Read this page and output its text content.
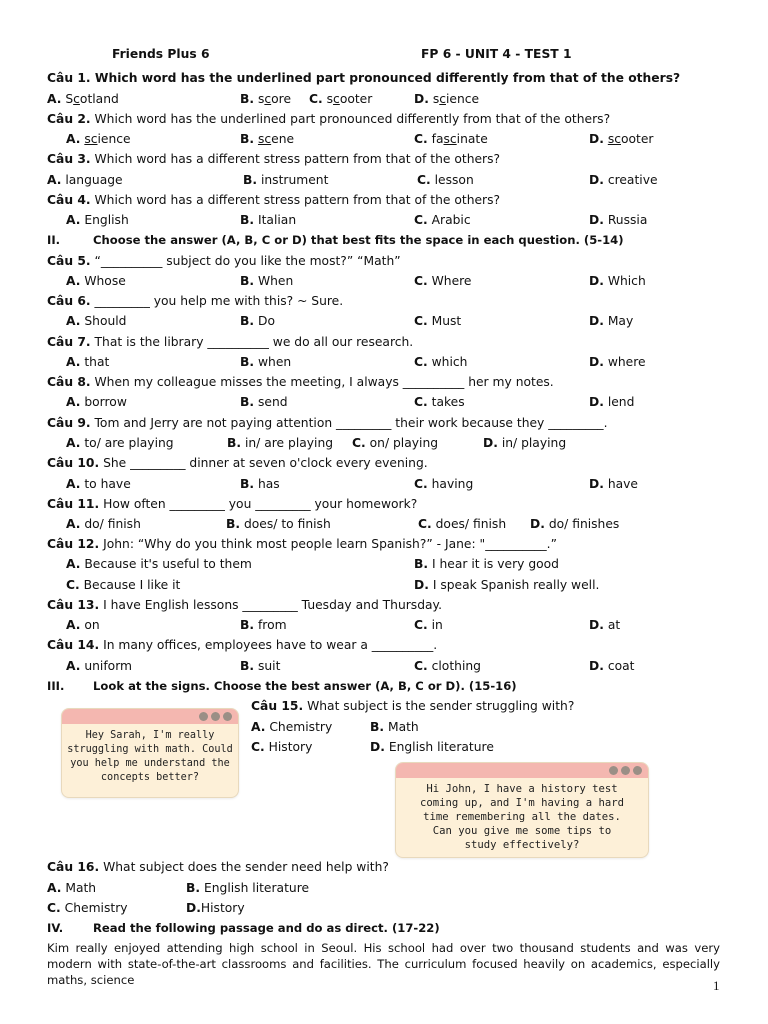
Friends Plus 6	FP 6 - UNIT 4 - TEST 1
Câu 1. Which word has the underlined part pronounced differently from that of the others?
A. Scotland	B. score C. scooter	D. science
Câu 2. Which word has the underlined part pronounced differently from that of the others?
A. science	B. scene	C. fascinate	D. scooter
Câu 3. Which word has a different stress pattern from that of the others?
A. language	B. instrument	C. lesson	D. creative
Câu 4. Which word has a different stress pattern from that of the others?
A. English	B. Italian	C. Arabic	D. Russia
II.	Choose the answer (A, B, C or D) that best fits the space in each question. (5-14)
Câu 5. “__________ subject do you like the most?” “Math”
A. Whose	B. When	C. Where	D. Which
Câu 6. _________ you help me with this? ~ Sure.
A. Should	B. Do	C. Must	D. May
Câu 7. That is the library __________ we do all our research.
A. that	B. when	C. which	D. where
Câu 8. When my colleague misses the meeting, I always __________ her my notes.
A. borrow	B. send	C. takes	D. lend
Câu 9. Tom and Jerry are not paying attention _________ their work because they _________.
A. to/ are playing	B. in/ are playing C. on/ playing	D. in/ playing
Câu 10. She _________ dinner at seven o'clock every evening.
A. to have	B. has	C. having	D. have
Câu 11. How often _________ you _________ your homework?
A. do/ finish	B. does/ to finish	C. does/ finish D. do/ finishes
Câu 12. John: “Why do you think most people learn Spanish?” - Jane: "__________.”
A. Because it's useful to them	B. I hear it is very good
C. Because I like it	D. I speak Spanish really well.
Câu 13. I have English lessons _________ Tuesday and Thursday.
A. on	B. from	C. in	D. at
Câu 14. In many offices, employees have to wear a __________.
A. uniform	B. suit	C. clothing	D. coat
III. Look at the signs. Choose the best answer (A, B, C or D). (15-16)
Câu 15. What subject is the sender struggling with?
A. Chemistry	B. Math
C. History	D. English literature
Hey Sarah, I'm really
struggling with math. Could
you help me understand the
concepts better?
Hi John, I have a history test
coming up, and I'm having a hard
time remembering all the dates.
Can you give me some tips to
study effectively?
Câu 16. What subject does the sender need help with?
A. Math	B. English literature
C. Chemistry	D.History
IV.	Read the following passage and do as direct. (17-22)
Kim really enjoyed attending high school in Seoul. His school had over two thousand students and was very modern with state-of-the-art classrooms and facilities. The curriculum focused heavily on academics, especially maths, science	1
